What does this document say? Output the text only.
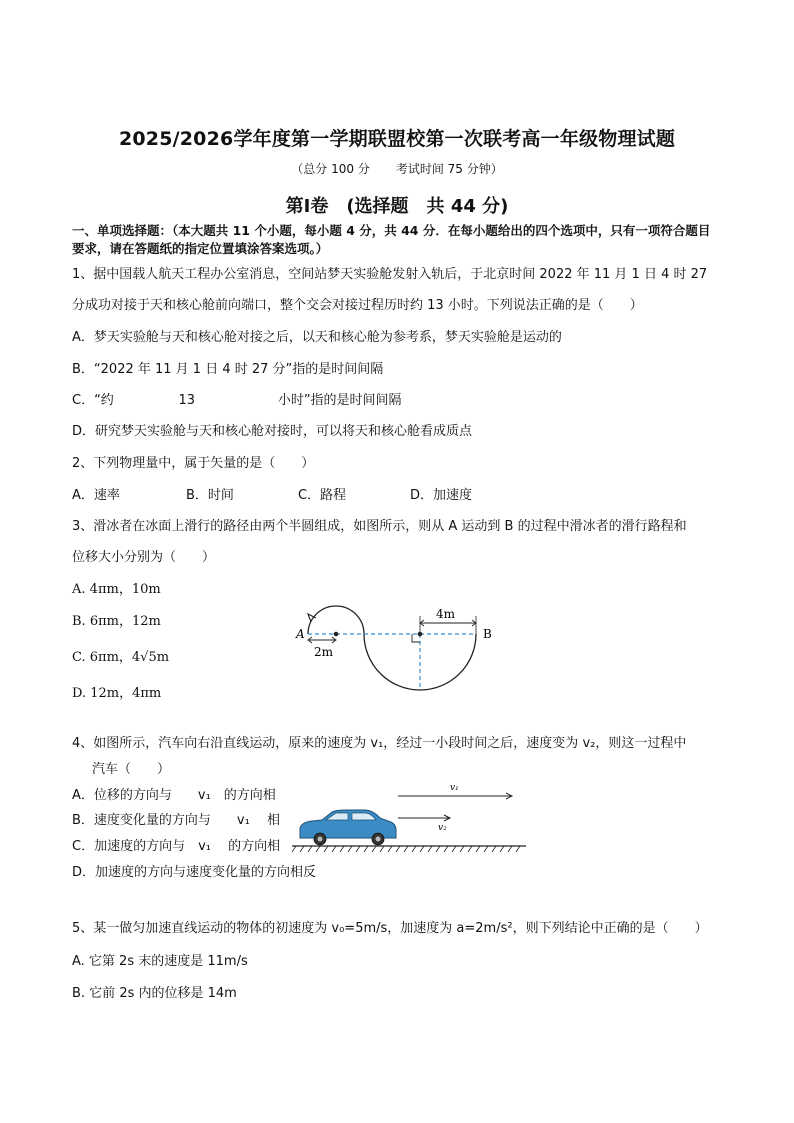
2025/2026学年度第一学期联盟校第一次联考高一年级物理试题
（总分 100 分 考试时间 75 分钟）
第Ⅰ卷　(选择题　共 44 分)
一、单项选择题：（本大题共 11 个小题，每小题 4 分，共 44 分．在每小题给出的四个选项中，只有一项符合题目要求，请在答题纸的指定位置填涂答案选项。）
1、据中国载人航天工程办公室消息，空间站梦天实验舱发射入轨后，于北京时间 2022 年 11 月 1 日 4 时 27
分成功对接于天和核心舱前向端口，整个交会对接过程历时约 13 小时。下列说法正确的是（　　）
A．梦天实验舱与天和核心舱对接之后，以天和核心舱为参考系，梦天实验舱是运动的
B．“2022 年 11 月 1 日 4 时 27 分”指的是时间间隔
C．“约	13	小时”指的是时间间隔
D．研究梦天实验舱与天和核心舱对接时，可以将天和核心舱看成质点
2、下列物理量中，属于矢量的是（　　）
A．速率	B．时间	C．路程	D．加速度
3、滑冰者在冰面上滑行的路径由两个半圆组成，如图所示，则从 A 运动到 B 的过程中滑冰者的滑行路程和
位移大小分别为（　　）
A. 4πm，10m
B. 6πm，12m
C. 6πm，4√5m
D. 12m，4πm
2m
4m
A	B
4、如图所示，汽车向右沿直线运动，原来的速度为 v₁，经过一小段时间之后，速度变为 v₂，则这一过程中
汽车（　　）
A．位移的方向与　　v₁　的方向相
B．速度变化量的方向与　　v₁　 相
C．加速度的方向与　v₁　 的方向相
D．加速度的方向与速度变化量的方向相反
v₁
v₂
5、某一做匀加速直线运动的物体的初速度为 v₀=5m/s，加速度为 a=2m/s²，则下列结论中正确的是（　　）
A. 它第 2s 末的速度是 11m/s
B. 它前 2s 内的位移是 14m
